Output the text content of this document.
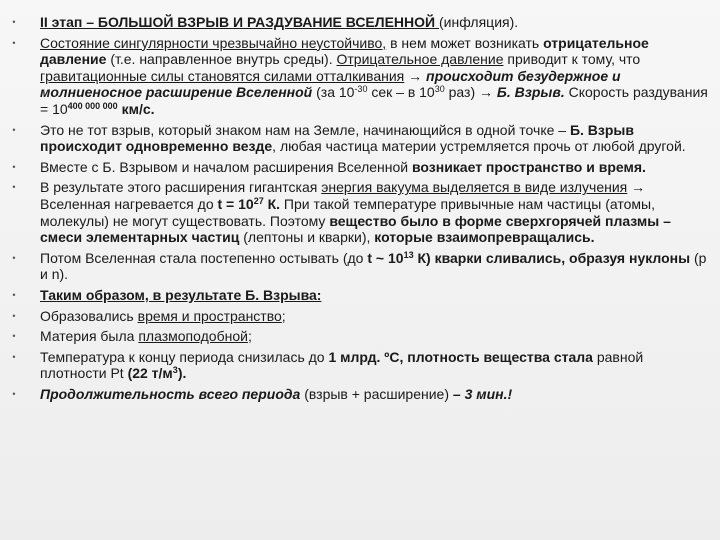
• II этап – БОЛЬШОЙ ВЗРЫВ И РАЗДУВАНИЕ ВСЕЛЕННОЙ (инфляция).
• Состояние сингулярности чрезвычайно неустойчиво, в нем может возникать отрицательное давление (т.е. направленное внутрь среды). Отрицательное давление приводит к тому, что гравитационные силы становятся силами отталкивания → происходит безудержное и молниеносное расширение Вселенной (за $10^{-30}$ сек – в $10^{30}$ раз) → Б. Взрыв. Скорость раздувания = $10^{400 000 000}$ км/с.
• Это не тот взрыв, который знаком нам на Земле, начинающийся в одной точке – Б. Взрыв происходит одновременно везде, любая частица материи устремляется прочь от любой другой.
• Вместе с Б. Взрывом и началом расширения Вселенной возникает пространство и время.
• В результате этого расширения гигантская энергия вакуума выделяется в виде излучения → Вселенная нагревается до $t = 10^{27}$ К. При такой температуре привычные нам частицы (атомы, молекулы) не могут существовать. Поэтому вещество было в форме сверхгорячей плазмы – смеси элементарных частиц (лептоны и кварки), которые взаимопревращались.
• Потом Вселенная стала постепенно остывать (до t ~ $10^{13}$ К) кварки сливались, образуя нуклоны (р и n).
• Таким образом, в результате Б. Взрыва:
• Образовались время и пространство;
• Материя была плазмоподобной;
• Температура к концу периода снизилась до 1 млрд. ºС, плотность вещества стала равной плотности Pt (22 $т/м^3$).
• Продолжительность всего периода (взрыв + расширение) – 3 мин.!
